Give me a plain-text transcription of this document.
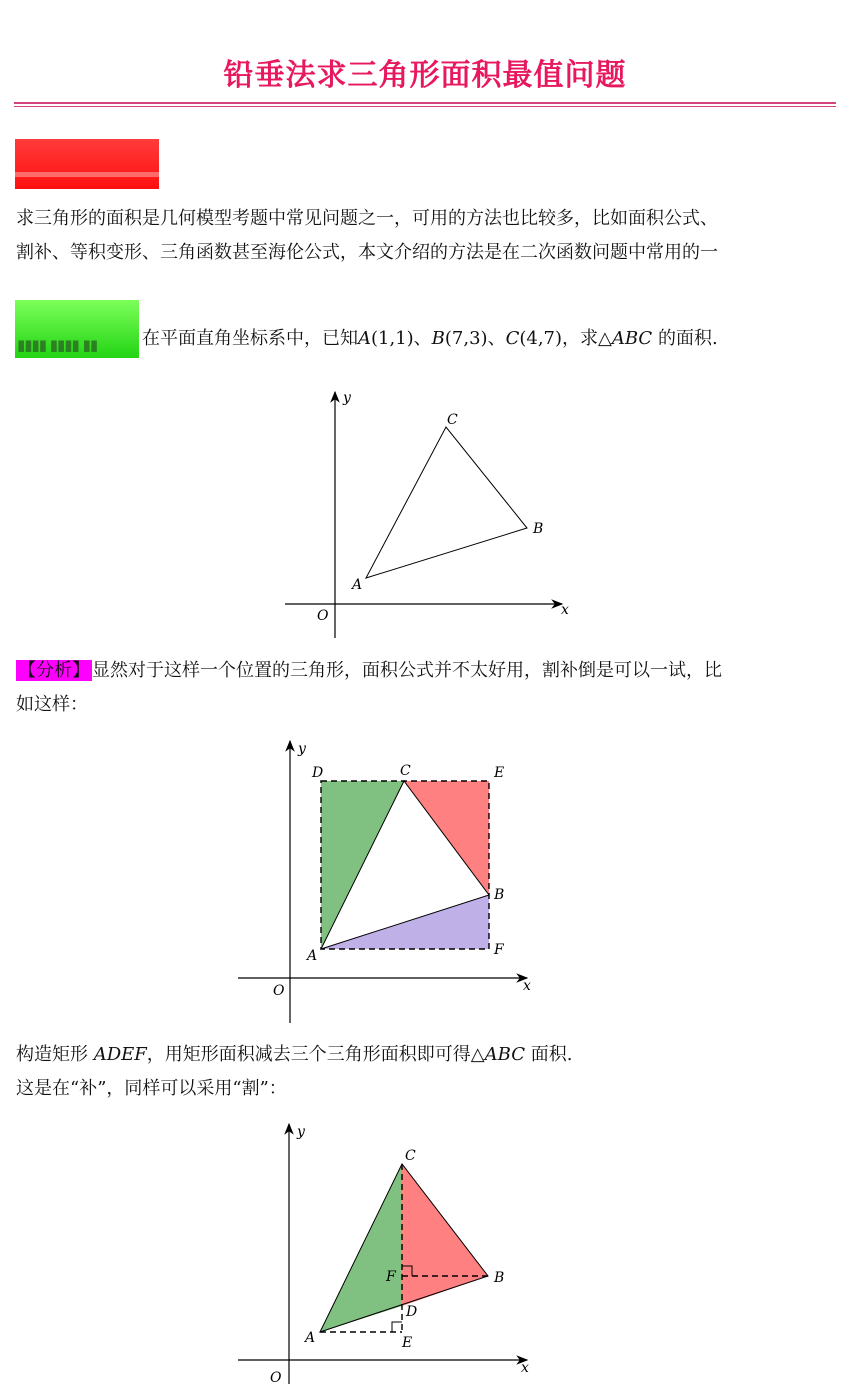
铅垂法求三角形面积最值问题
求三角形的面积是几何模型考题中常见问题之一，可用的方法也比较多，比如面积公式、
割补、等积变形、三角函数甚至海伦公式，本文介绍的方法是在二次函数问题中常用的一
▮▮▮▮ ▮▮▮▮ ▮▮ 在平面直角坐标系中，已知A(1,1)、B(7,3)、C(4,7)，求△ABC 的面积.
y
x
O
A
B
C
【分析】 显然对于这样一个位置的三角形，面积公式并不太好用，割补倒是可以一试，比
如这样：
y
x
O
D	C	E
B
A	F
构造矩形 ADEF，用矩形面积减去三个三角形面积即可得△ABC 面积.
这是在“补”，同样可以采用“割”：
y
x
O
C
F	B
D
A	E
